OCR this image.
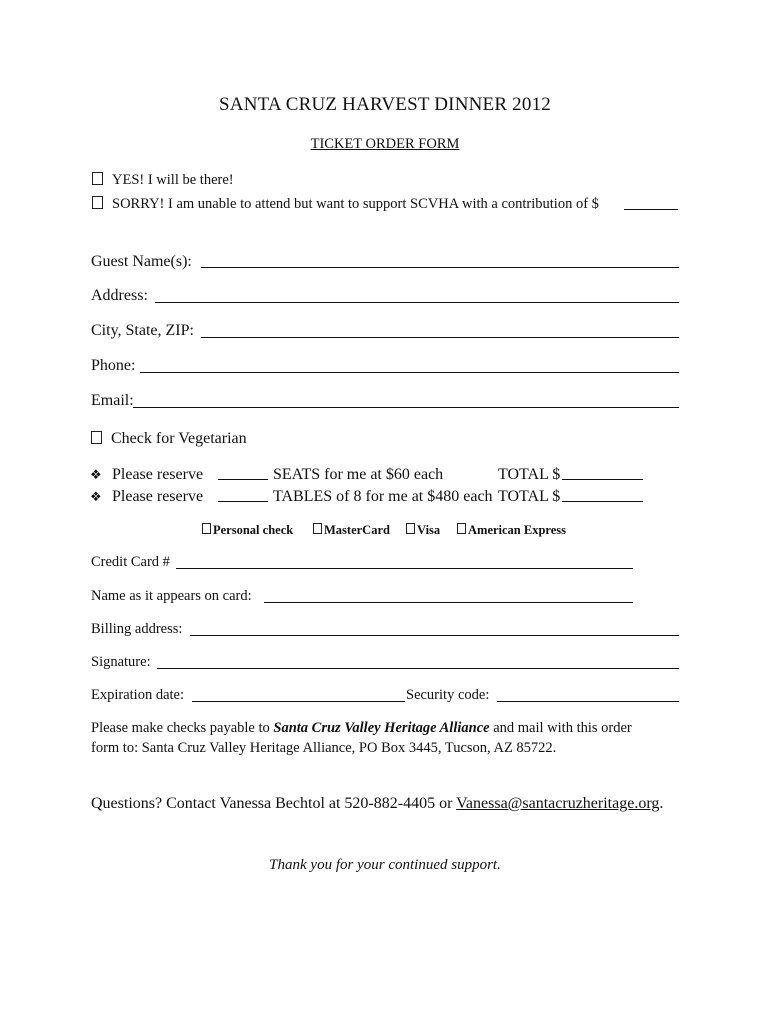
SANTA CRUZ HARVEST DINNER 2012
TICKET ORDER FORM
YES! I will be there!
SORRY! I am unable to attend but want to support SCVHA with a contribution of $
Guest Name(s):
Address:
City, State, ZIP:
Phone:
Email:
Check for Vegetarian
❖ Please reserve	SEATS for me at $60 each	TOTAL $
❖ Please reserve	TABLES of 8 for me at $480 each TOTAL $
Personal check	MasterCard	Visa	American Express
Credit Card #
Name as it appears on card:
Billing address:
Signature:
Expiration date:	Security code:
Please make checks payable to Santa Cruz Valley Heritage Alliance and mail with this order
form to: Santa Cruz Valley Heritage Alliance, PO Box 3445, Tucson, AZ 85722.
Questions? Contact Vanessa Bechtol at 520-882-4405 or Vanessa@santacruzheritage.org.
Thank you for your continued support.
